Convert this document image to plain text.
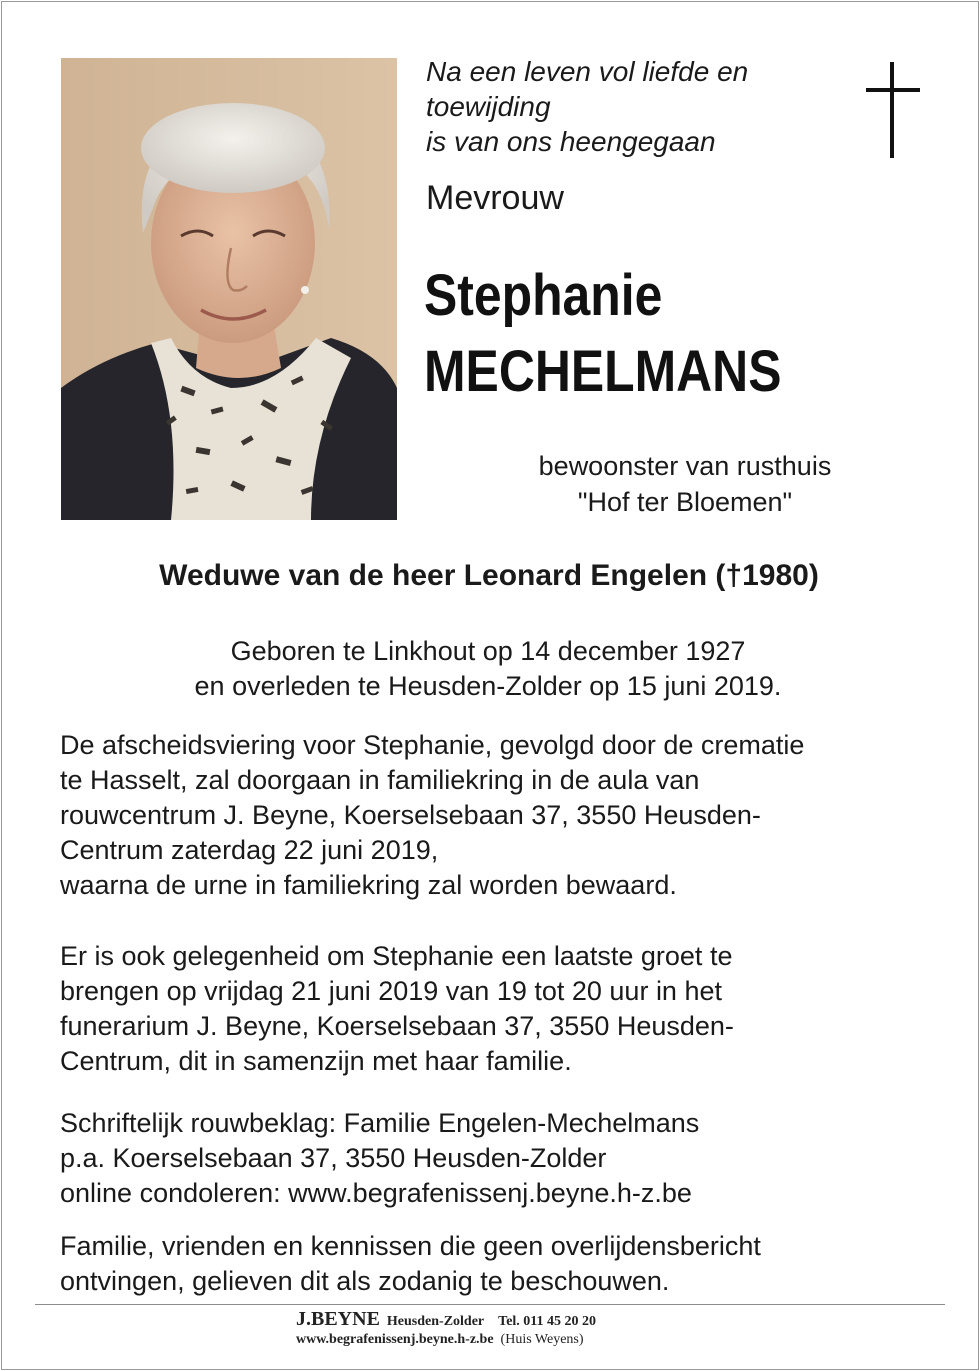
Na een leven vol liefde en
toewijding
is van ons heengegaan
Mevrouw
Stephanie
MECHELMANS
bewoonster van rusthuis
"Hof ter Bloemen"
Weduwe van de heer Leonard Engelen (†1980)
Geboren te Linkhout op 14 december 1927
en overleden te Heusden-Zolder op 15 juni 2019.
De afscheidsviering voor Stephanie, gevolgd door de crematie
te Hasselt, zal doorgaan in familiekring in de aula van
rouwcentrum J. Beyne, Koerselsebaan 37, 3550 Heusden-
Centrum zaterdag 22 juni 2019,
waarna de urne in familiekring zal worden bewaard.
Er is ook gelegenheid om Stephanie een laatste groet te
brengen op vrijdag 21 juni 2019 van 19 tot 20 uur in het
funerarium J. Beyne, Koerselsebaan 37, 3550 Heusden-
Centrum, dit in samenzijn met haar familie.
Schriftelijk rouwbeklag: Familie Engelen-Mechelmans
p.a. Koerselsebaan 37, 3550 Heusden-Zolder
online condoleren: www.begrafenissenj.beyne.h-z.be
Familie, vrienden en kennissen die geen overlijdensbericht
ontvingen, gelieven dit als zodanig te beschouwen.
J.BEYNE Heusden-Zolder Tel. 011 45 20 20
www.begrafenissenj.beyne.h-z.be (Huis Weyens)
